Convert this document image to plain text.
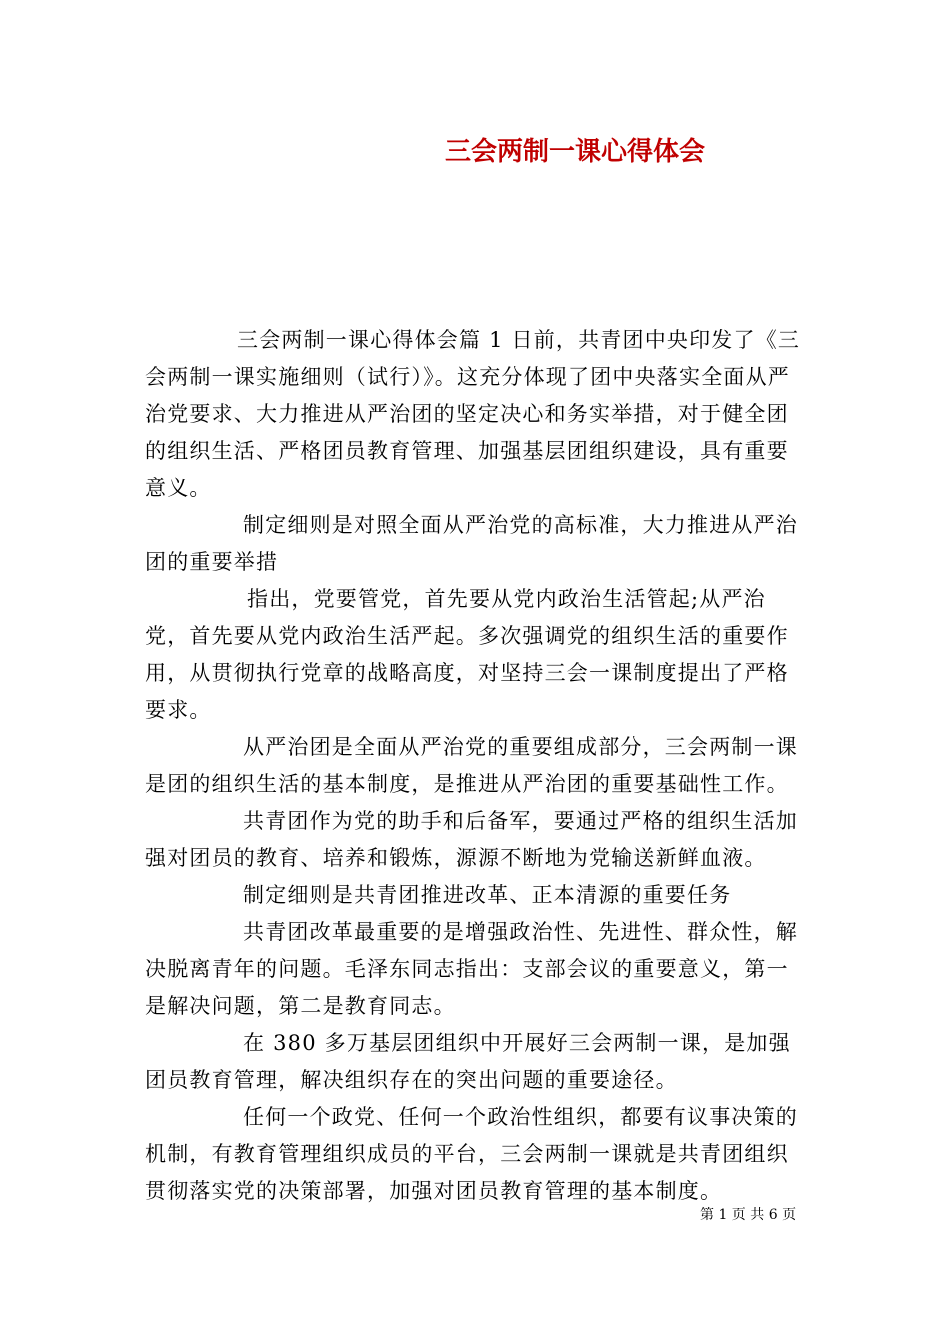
三会两制一课心得体会

三会两制一课心得体会篇 1 日前，共青团中央印发了《三会两制一课实施细则（试行）》。这充分体现了团中央落实全面从严治党要求、大力推进从严治团的坚定决心和务实举措，对于健全团的组织生活、严格团员教育管理、加强基层团组织建设，具有重要意义。

制定细则是对照全面从严治党的高标准，大力推进从严治团的重要举措

指出，党要管党，首先要从党内政治生活管起;从严治党，首先要从党内政治生活严起。多次强调党的组织生活的重要作用，从贯彻执行党章的战略高度，对坚持三会一课制度提出了严格要求。

从严治团是全面从严治党的重要组成部分，三会两制一课是团的组织生活的基本制度，是推进从严治团的重要基础性工作。

共青团作为党的助手和后备军，要通过严格的组织生活加强对团员的教育、培养和锻炼，源源不断地为党输送新鲜血液。

制定细则是共青团推进改革、正本清源的重要任务

共青团改革最重要的是增强政治性、先进性、群众性，解决脱离青年的问题。毛泽东同志指出：支部会议的重要意义，第一是解决问题，第二是教育同志。

在 380 多万基层团组织中开展好三会两制一课，是加强团员教育管理，解决组织存在的突出问题的重要途径。

任何一个政党、任何一个政治性组织，都要有议事决策的机制，有教育管理组织成员的平台，三会两制一课就是共青团组织贯彻落实党的决策部署，加强对团员教育管理的基本制度。

第 1 页 共 6 页
